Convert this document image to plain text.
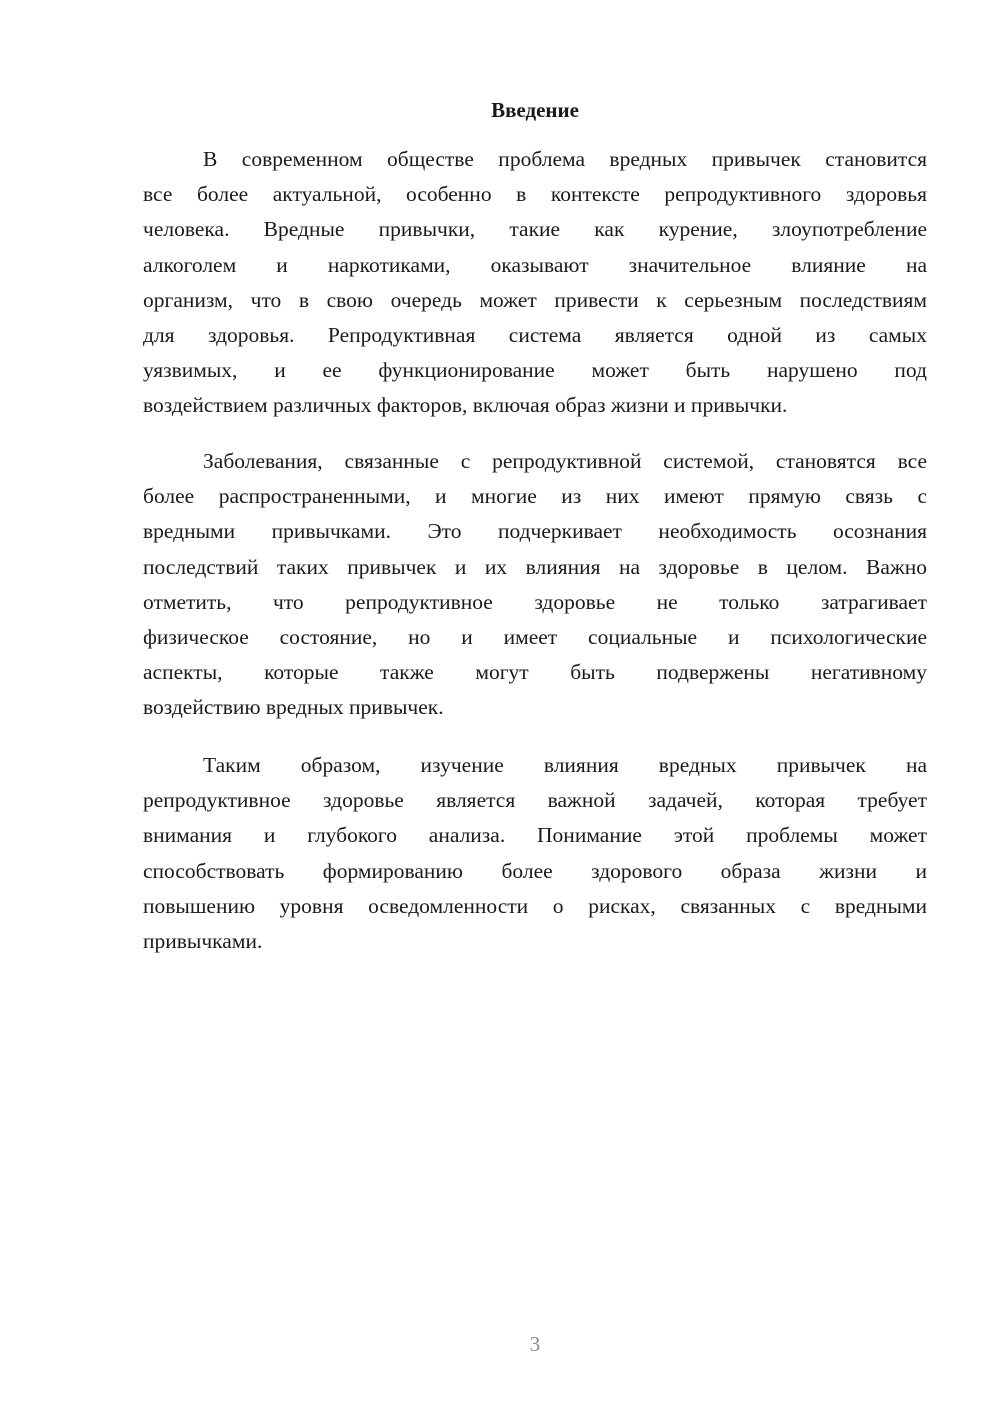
Введение
В современном обществе проблема вредных привычек становится
все более актуальной, особенно в контексте репродуктивного здоровья
человека. Вредные привычки, такие как курение, злоупотребление
алкоголем и наркотиками, оказывают значительное влияние на
организм, что в свою очередь может привести к серьезным последствиям
для здоровья. Репродуктивная система является одной из самых
уязвимых, и ее функционирование может быть нарушено под
воздействием различных факторов, включая образ жизни и привычки.
Заболевания, связанные с репродуктивной системой, становятся все
более распространенными, и многие из них имеют прямую связь с
вредными привычками. Это подчеркивает необходимость осознания
последствий таких привычек и их влияния на здоровье в целом. Важно
отметить, что репродуктивное здоровье не только затрагивает
физическое состояние, но и имеет социальные и психологические
аспекты, которые также могут быть подвержены негативному
воздействию вредных привычек.
Таким образом, изучение влияния вредных привычек на
репродуктивное здоровье является важной задачей, которая требует
внимания и глубокого анализа. Понимание этой проблемы может
способствовать формированию более здорового образа жизни и
повышению уровня осведомленности о рисках, связанных с вредными
привычками.
3
